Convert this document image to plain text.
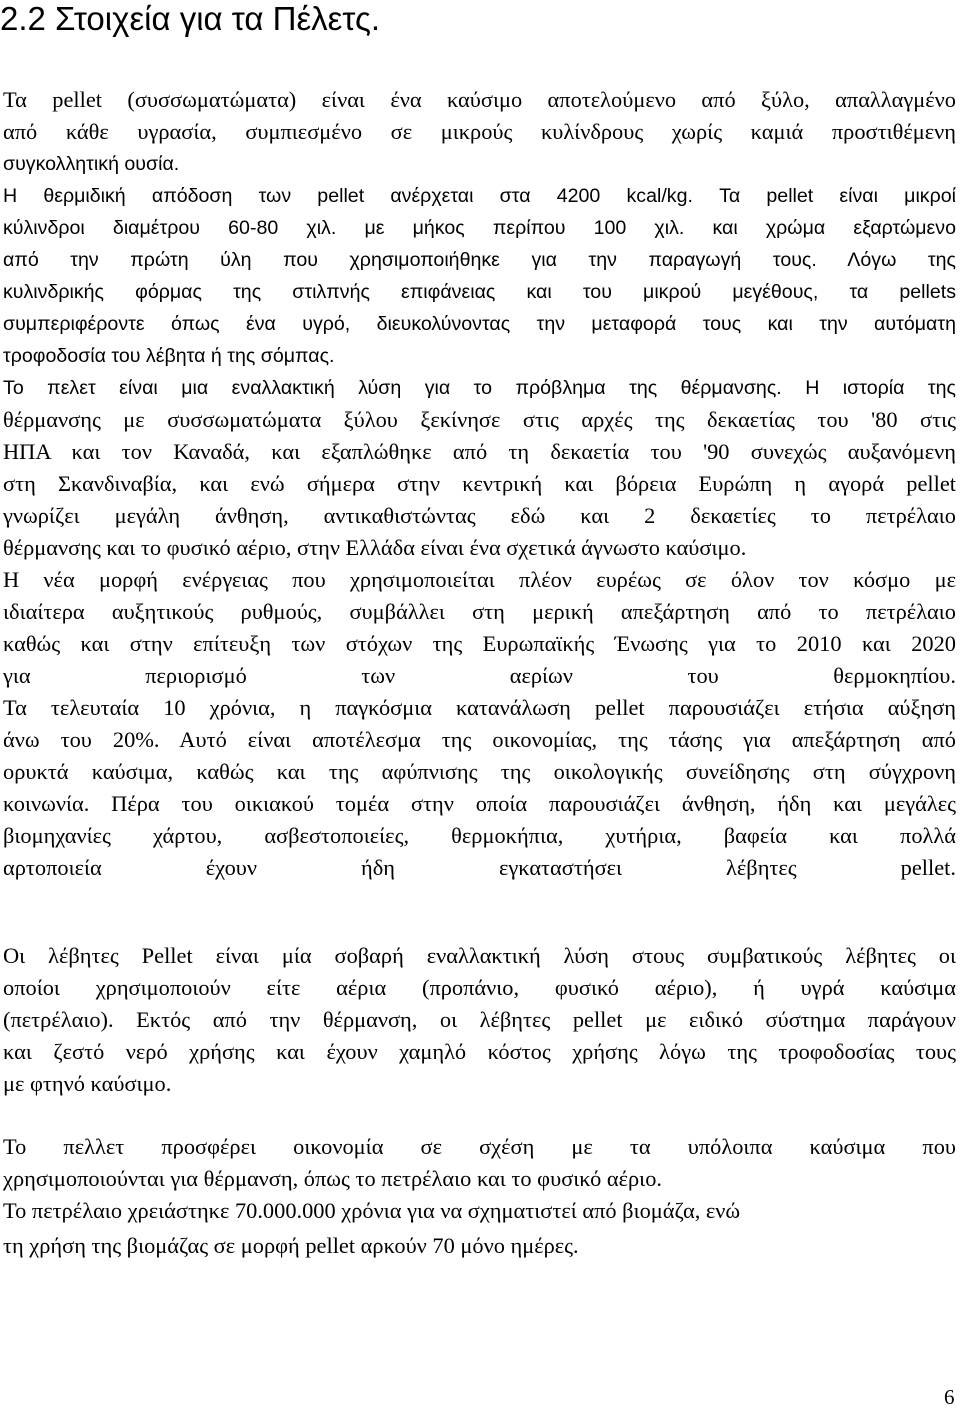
2.2 Στοιχεία για τα Πέλετς.
Τα pellet (συσσωματώματα) είναι ένα καύσιμο αποτελούμενο από ξύλο, απαλλαγμένο
από κάθε υγρασία, συμπιεσμένο σε μικρούς κυλίνδρους χωρίς καμιά προστιθέμενη
συγκολλητική ουσία.
Η θερμιδική απόδοση των pellet ανέρχεται στα 4200 kcal/kg. Τα pellet είναι μικροί
κύλινδροι διαμέτρου 60-80 χιλ. με μήκος περίπου 100 χιλ. και χρώμα εξαρτώμενο
από την πρώτη ύλη που χρησιμοποιήθηκε για την παραγωγή τους. Λόγω της
κυλινδρικής φόρμας της στιλπνής επιφάνειας και του μικρού μεγέθους, τα pellets
συμπεριφέροντε όπως ένα υγρό, διευκολύνοντας την μεταφορά τους και την αυτόματη
τροφοδοσία του λέβητα ή της σόμπας.
Το πελετ είναι μια εναλλακτική λύση για το πρόβλημα της θέρμανσης. Η ιστορία της
θέρμανσης με συσσωματώματα ξύλου ξεκίνησε στις αρχές της δεκαετίας του '80 στις
ΗΠΑ και τον Καναδά, και εξαπλώθηκε από τη δεκαετία του '90 συνεχώς αυξανόμενη
στη Σκανδιναβία, και ενώ σήμερα στην κεντρική και βόρεια Ευρώπη η αγορά pellet
γνωρίζει μεγάλη άνθηση, αντικαθιστώντας εδώ και 2 δεκαετίες το πετρέλαιο
θέρμανσης και το φυσικό αέριο, στην Ελλάδα είναι ένα σχετικά άγνωστο καύσιμο.
Η νέα μορφή ενέργειας που χρησιμοποιείται πλέον ευρέως σε όλον τον κόσμο με
ιδιαίτερα αυξητικούς ρυθμούς, συμβάλλει στη μερική απεξάρτηση από το πετρέλαιο
καθώς και στην επίτευξη των στόχων της Ευρωπαϊκής Ένωσης για το 2010 και 2020
για περιορισμό των αερίων του θερμοκηπίου.
Τα τελευταία 10 χρόνια, η παγκόσμια κατανάλωση pellet παρουσιάζει ετήσια αύξηση
άνω του 20%. Αυτό είναι αποτέλεσμα της οικονομίας, της τάσης για απεξάρτηση από
ορυκτά καύσιμα, καθώς και της αφύπνισης της οικολογικής συνείδησης στη σύγχρονη
κοινωνία. Πέρα του οικιακού τομέα στην οποία παρουσιάζει άνθηση, ήδη και μεγάλες
βιομηχανίες χάρτου, ασβεστοποιείες, θερμοκήπια, χυτήρια, βαφεία και πολλά
αρτοποιεία έχουν ήδη εγκαταστήσει λέβητες pellet.
Οι λέβητες Pellet είναι μία σοβαρή εναλλακτική λύση στους συμβατικούς λέβητες οι
οποίοι χρησιμοποιούν είτε αέρια (προπάνιο, φυσικό αέριο), ή υγρά καύσιμα
(πετρέλαιο). Εκτός από την θέρμανση, οι λέβητες pellet με ειδικό σύστημα παράγουν
και ζεστό νερό χρήσης και έχουν χαμηλό κόστος χρήσης λόγω της τροφοδοσίας τους
με φτηνό καύσιμο.
Το πελλετ προσφέρει οικονομία σε σχέση με τα υπόλοιπα καύσιμα που
χρησιμοποιούνται για θέρμανση, όπως το πετρέλαιο και το φυσικό αέριο.
Το πετρέλαιο χρειάστηκε 70.000.000 χρόνια για να σχηματιστεί από βιομάζα, ενώ
τη χρήση της βιομάζας σε μορφή pellet αρκούν 70 μόνο ημέρες.
6
